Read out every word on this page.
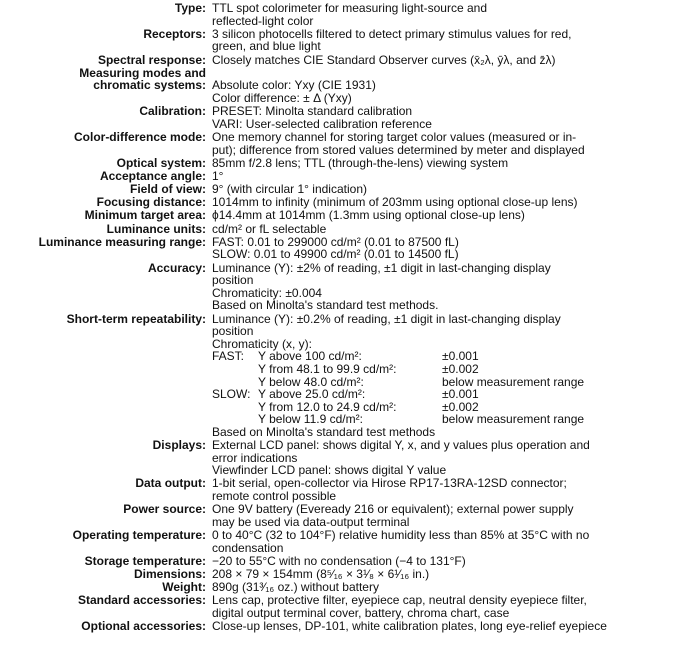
Type: TTL spot colorimeter for measuring light-source and
reflected-light color
Receptors: 3 silicon photocells filtered to detect primary stimulus values for red,
green, and blue light
Spectral response: Closely matches CIE Standard Observer curves (x̄₂λ, ȳλ, and z̄λ)
Measuring modes and
chromatic systems:
Absolute color: Yxy (CIE 1931)
Color difference: ± Δ (Yxy)
Calibration: PRESET: Minolta standard calibration
VARI: User-selected calibration reference
Color-difference mode: One memory channel for storing target color values (measured or in-
put); difference from stored values determined by meter and displayed
Optical system: 85mm f/2.8 lens; TTL (through-the-lens) viewing system
Acceptance angle: 1°
Field of view: 9° (with circular 1° indication)
Focusing distance: 1014mm to infinity (minimum of 203mm using optional close-up lens)
Minimum target area: ϕ14.4mm at 1014mm (1.3mm using optional close-up lens)
Luminance units: cd/m² or fL selectable
Luminance measuring range: FAST: 0.01 to 299000 cd/m² (0.01 to 87500 fL)
SLOW: 0.01 to 49900 cd/m² (0.01 to 14500 fL)
Accuracy: Luminance (Y): ±2% of reading, ±1 digit in last-changing display
position
Chromaticity: ±0.004
Based on Minolta's standard test methods.
Short-term repeatability: Luminance (Y): ±0.2% of reading, ±1 digit in last-changing display
position
Chromaticity (x, y):
FAST:	Y above 100 cd/m²:	±0.001
Y from 48.1 to 99.9 cd/m²:	±0.002
Y below 48.0 cd/m²:	below measurement range
SLOW: Y above 25.0 cd/m²:	±0.001
Y from 12.0 to 24.9 cd/m²:	±0.002
Y below 11.9 cd/m²:	below measurement range
Based on Minolta's standard test methods
Displays: External LCD panel: shows digital Y, x, and y values plus operation and
error indications
Viewfinder LCD panel: shows digital Y value
Data output: 1-bit serial, open-collector via Hirose RP17-13RA-12SD connector;
remote control possible
Power source: One 9V battery (Eveready 216 or equivalent); external power supply
may be used via data-output terminal
Operating temperature: 0 to 40°C (32 to 104°F) relative humidity less than 85% at 35°C with no
condensation
Storage temperature: −20 to 55°C with no condensation (−4 to 131°F)
Dimensions: 208 × 79 × 154mm (8⁵⁄₁₆ × 3¹⁄₈ × 6¹⁄₁₆ in.)
Weight: 890g (31³⁄₁₆ oz.) without battery
Standard accessories: Lens cap, protective filter, eyepiece cap, neutral density eyepiece filter,
digital output terminal cover, battery, chroma chart, case
Optional accessories: Close-up lenses, DP-101, white calibration plates, long eye-relief eyepiece
